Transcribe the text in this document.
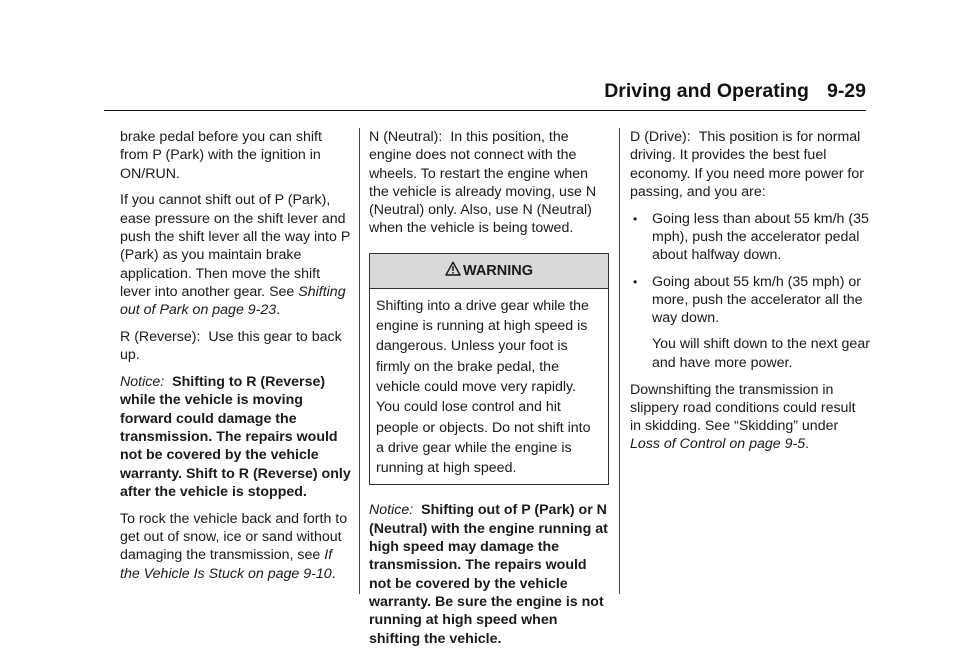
Driving and Operating 9-29

brake pedal before you can shift from P (Park) with the ignition in ON/RUN.

If you cannot shift out of P (Park), ease pressure on the shift lever and push the shift lever all the way into P (Park) as you maintain brake application. Then move the shift lever into another gear. See Shifting out of Park on page 9-23.

R (Reverse): Use this gear to back up.

Notice: Shifting to R (Reverse) while the vehicle is moving forward could damage the transmission. The repairs would not be covered by the vehicle warranty. Shift to R (Reverse) only after the vehicle is stopped.

To rock the vehicle back and forth to get out of snow, ice or sand without damaging the transmission, see If the Vehicle Is Stuck on page 9-10.

N (Neutral): In this position, the engine does not connect with the wheels. To restart the engine when the vehicle is already moving, use N (Neutral) only. Also, use N (Neutral) when the vehicle is being towed.

WARNING
Shifting into a drive gear while the engine is running at high speed is dangerous. Unless your foot is firmly on the brake pedal, the vehicle could move very rapidly. You could lose control and hit people or objects. Do not shift into a drive gear while the engine is running at high speed.

Notice: Shifting out of P (Park) or N (Neutral) with the engine running at high speed may damage the transmission. The repairs would not be covered by the vehicle warranty. Be sure the engine is not running at high speed when shifting the vehicle.

D (Drive): This position is for normal driving. It provides the best fuel economy. If you need more power for passing, and you are:

• Going less than about 55 km/h (35 mph), push the accelerator pedal about halfway down.
• Going about 55 km/h (35 mph) or more, push the accelerator all the way down.

You will shift down to the next gear and have more power.

Downshifting the transmission in slippery road conditions could result in skidding. See “Skidding” under Loss of Control on page 9-5.
